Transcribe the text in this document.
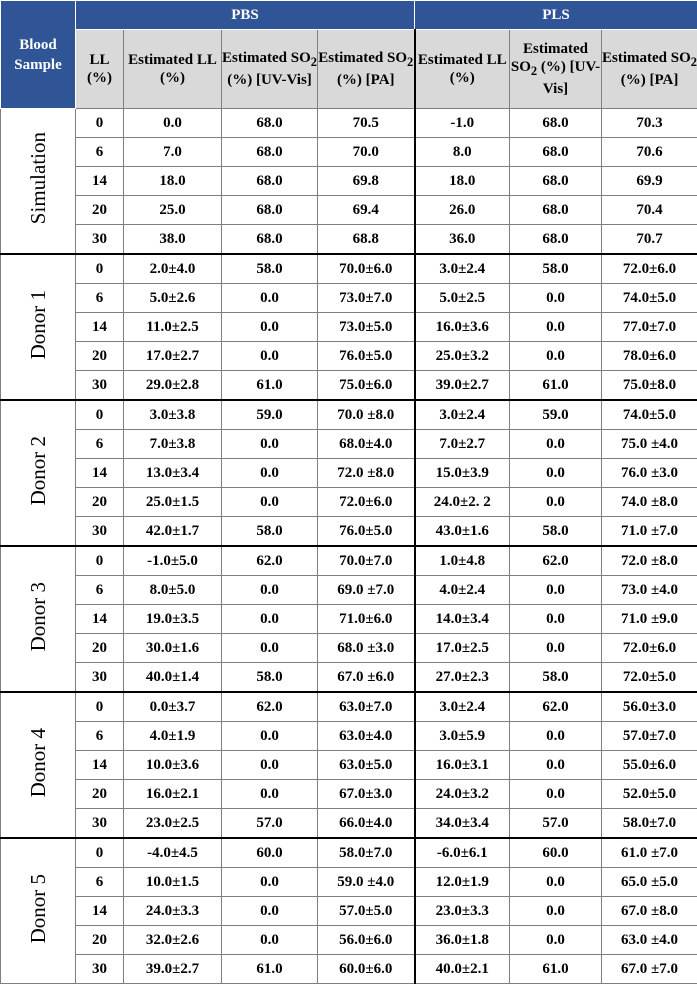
Blood Sample	PBS				PLS		
	LL (%)	Estimated LL (%)	Estimated $SO_2$ (%) [UV-Vis]	Estimated $SO_2$ (%) [PA]	Estimated LL (%)	Estimated $SO_2$ (%) [UV-Vis]	Estimated $SO_2$ (%) [PA]
Simulation	0	0.0	68.0	70.5	-1.0	68.0	70.3
	6	7.0	68.0	70.0	8.0	68.0	70.6
	14	18.0	68.0	69.8	18.0	68.0	69.9
	20	25.0	68.0	69.4	26.0	68.0	70.4
	30	38.0	68.0	68.8	36.0	68.0	70.7
Donor 1	0	2.0±4.0	58.0	70.0±6.0	3.0±2.4	58.0	72.0±6.0
	6	5.0±2.6	0.0	73.0±7.0	5.0±2.5	0.0	74.0±5.0
	14	11.0±2.5	0.0	73.0±5.0	16.0±3.6	0.0	77.0±7.0
	20	17.0±2.7	0.0	76.0±5.0	25.0±3.2	0.0	78.0±6.0
	30	29.0±2.8	61.0	75.0±6.0	39.0±2.7	61.0	75.0±8.0
Donor 2	0	3.0±3.8	59.0	70.0 ±8.0	3.0±2.4	59.0	74.0±5.0
	6	7.0±3.8	0.0	68.0±4.0	7.0±2.7	0.0	75.0 ±4.0
	14	13.0±3.4	0.0	72.0 ±8.0	15.0±3.9	0.0	76.0 ±3.0
	20	25.0±1.5	0.0	72.0±6.0	24.0±2. 2	0.0	74.0 ±8.0
	30	42.0±1.7	58.0	76.0±5.0	43.0±1.6	58.0	71.0 ±7.0
Donor 3	0	-1.0±5.0	62.0	70.0±7.0	1.0±4.8	62.0	72.0 ±8.0
	6	8.0±5.0	0.0	69.0 ±7.0	4.0±2.4	0.0	73.0 ±4.0
	14	19.0±3.5	0.0	71.0±6.0	14.0±3.4	0.0	71.0 ±9.0
	20	30.0±1.6	0.0	68.0 ±3.0	17.0±2.5	0.0	72.0±6.0
	30	40.0±1.4	58.0	67.0 ±6.0	27.0±2.3	58.0	72.0±5.0
Donor 4	0	0.0±3.7	62.0	63.0±7.0	3.0±2.4	62.0	56.0±3.0
	6	4.0±1.9	0.0	63.0±4.0	3.0±5.9	0.0	57.0±7.0
	14	10.0±3.6	0.0	63.0±5.0	16.0±3.1	0.0	55.0±6.0
	20	16.0±2.1	0.0	67.0±3.0	24.0±3.2	0.0	52.0±5.0
	30	23.0±2.5	57.0	66.0±4.0	34.0±3.4	57.0	58.0±7.0
Donor 5	0	-4.0±4.5	60.0	58.0±7.0	-6.0±6.1	60.0	61.0 ±7.0
	6	10.0±1.5	0.0	59.0 ±4.0	12.0±1.9	0.0	65.0 ±5.0
	14	24.0±3.3	0.0	57.0±5.0	23.0±3.3	0.0	67.0 ±8.0
	20	32.0±2.6	0.0	56.0±6.0	36.0±1.8	0.0	63.0 ±4.0
	30	39.0±2.7	61.0	60.0±6.0	40.0±2.1	61.0	67.0 ±7.0
